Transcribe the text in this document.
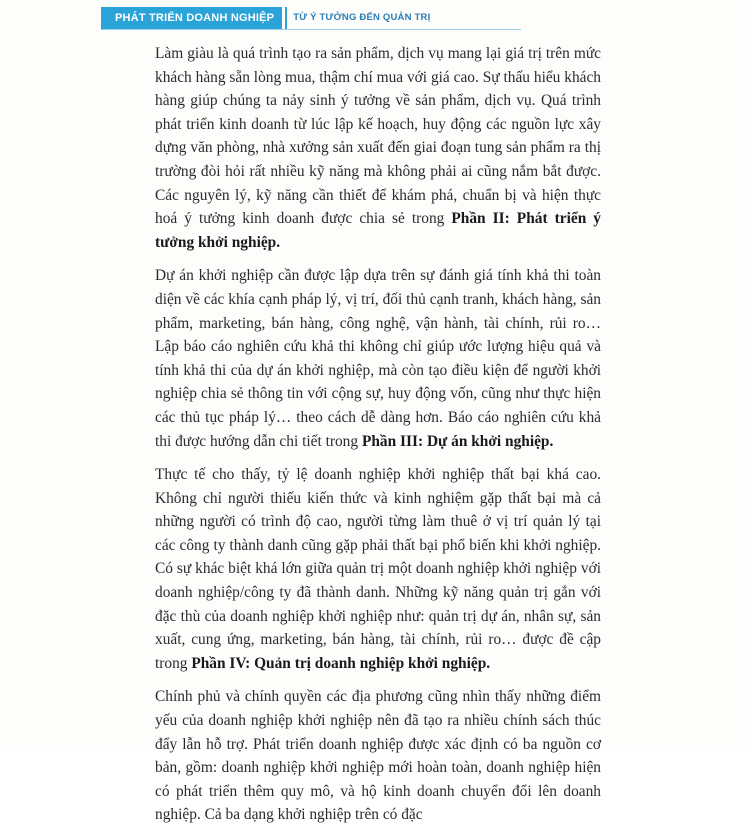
PHÁT TRIỂN DOANH NGHIỆP	TỪ Ý TƯỞNG ĐẾN QUẢN TRỊ

Làm giàu là quá trình tạo ra sản phẩm, dịch vụ mang lại giá trị trên mức khách hàng sẵn lòng mua, thậm chí mua với giá cao. Sự thấu hiểu khách hàng giúp chúng ta nảy sinh ý tưởng về sản phẩm, dịch vụ. Quá trình phát triển kinh doanh từ lúc lập kế hoạch, huy động các nguồn lực xây dựng văn phòng, nhà xưởng sản xuất đến giai đoạn tung sản phẩm ra thị trường đòi hỏi rất nhiều kỹ năng mà không phải ai cũng nắm bắt được. Các nguyên lý, kỹ năng cần thiết để khám phá, chuẩn bị và hiện thực hoá ý tưởng kinh doanh được chia sẻ trong Phần II: Phát triển ý tưởng khởi nghiệp.

Dự án khởi nghiệp cần được lập dựa trên sự đánh giá tính khả thi toàn diện về các khía cạnh pháp lý, vị trí, đối thủ cạnh tranh, khách hàng, sản phẩm, marketing, bán hàng, công nghệ, vận hành, tài chính, rủi ro… Lập báo cáo nghiên cứu khả thi không chỉ giúp ước lượng hiệu quả và tính khả thi của dự án khởi nghiệp, mà còn tạo điều kiện để người khởi nghiệp chia sẻ thông tin với cộng sự, huy động vốn, cũng như thực hiện các thủ tục pháp lý… theo cách dễ dàng hơn. Báo cáo nghiên cứu khả thi được hướng dẫn chi tiết trong Phần III: Dự án khởi nghiệp.

Thực tế cho thấy, tỷ lệ doanh nghiệp khởi nghiệp thất bại khá cao. Không chỉ người thiếu kiến thức và kinh nghiệm gặp thất bại mà cả những người có trình độ cao, người từng làm thuê ở vị trí quản lý tại các công ty thành danh cũng gặp phải thất bại phổ biến khi khởi nghiệp. Có sự khác biệt khá lớn giữa quản trị một doanh nghiệp khởi nghiệp với doanh nghiệp/công ty đã thành danh. Những kỹ năng quản trị gắn với đặc thù của doanh nghiệp khởi nghiệp như: quản trị dự án, nhân sự, sản xuất, cung ứng, marketing, bán hàng, tài chính, rủi ro… được đề cập trong Phần IV: Quản trị doanh nghiệp khởi nghiệp.

Chính phủ và chính quyền các địa phương cũng nhìn thấy những điểm yếu của doanh nghiệp khởi nghiệp nên đã tạo ra nhiều chính sách thúc đẩy lẫn hỗ trợ. Phát triển doanh nghiệp được xác định có ba nguồn cơ bản, gồm: doanh nghiệp khởi nghiệp mới hoàn toàn, doanh nghiệp hiện có phát triển thêm quy mô, và hộ kinh doanh chuyển đổi lên doanh nghiệp. Cả ba dạng khởi nghiệp trên có đặc
